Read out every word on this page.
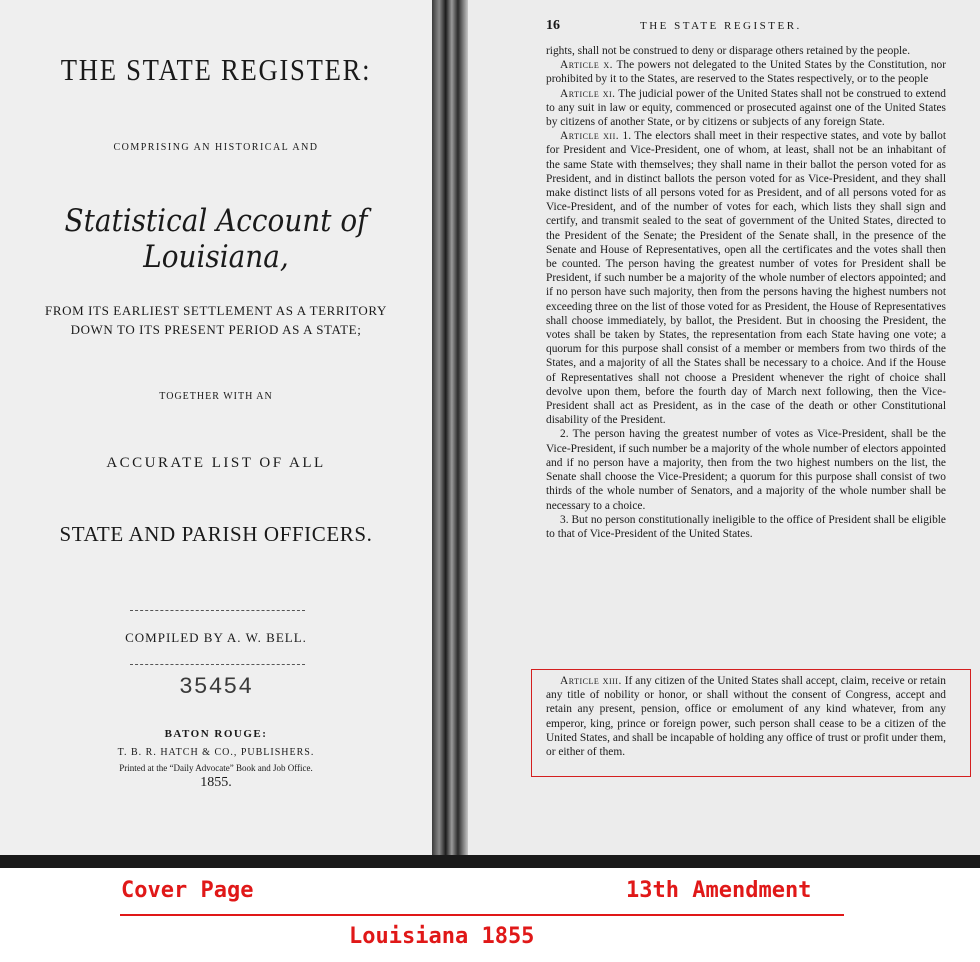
THE STATE REGISTER:
COMPRISING AN HISTORICAL AND
Statistical Account of Louisiana,
FROM ITS EARLIEST SETTLEMENT AS A TERRITORY
DOWN TO ITS PRESENT PERIOD AS A STATE;
TOGETHER WITH AN
ACCURATE LIST OF ALL
STATE AND PARISH OFFICERS.
COMPILED BY A. W. BELL.
35454
BATON ROUGE:
T. B. R. HATCH & CO., PUBLISHERS.
Printed at the “Daily Advocate” Book and Job Office.
1855.
16	THE STATE REGISTER.

rights, shall not be construed to deny or disparage others retained by the people.

Article x. The powers not delegated to the United States by the Constitution, nor prohibited by it to the States, are reserved to the States respectively, or to the people

Article xi. The judicial power of the United States shall not be construed to extend to any suit in law or equity, commenced or prosecuted against one of the United States by citizens of another State, or by citizens or subjects of any foreign State.

Article xii. 1. The electors shall meet in their respective states, and vote by ballot for President and Vice-President, one of whom, at least, shall not be an inhabitant of the same State with themselves; they shall name in their ballot the person voted for as President, and in distinct ballots the person voted for as Vice-President, and they shall make distinct lists of all persons voted for as President, and of all persons voted for as Vice-President, and of the number of votes for each, which lists they shall sign and certify, and transmit sealed to the seat of government of the United States, directed to the President of the Senate; the President of the Senate shall, in the presence of the Senate and House of Representatives, open all the certificates and the votes shall then be counted. The person having the greatest number of votes for President shall be President, if such number be a majority of the whole number of electors appointed; and if no person have such majority, then from the persons having the highest numbers not exceeding three on the list of those voted for as President, the House of Representatives shall choose immediately, by ballot, the President. But in choosing the President, the votes shall be taken by States, the representation from each State having one vote; a quorum for this purpose shall consist of a member or members from two thirds of the States, and a majority of all the States shall be necessary to a choice. And if the House of Representatives shall not choose a President whenever the right of choice shall devolve upon them, before the fourth day of March next following, then the Vice-President shall act as President, as in the case of the death or other Constitutional disability of the President.

2. The person having the greatest number of votes as Vice-President, shall be the Vice-President, if such number be a majority of the whole number of electors appointed and if no person have a majority, then from the two highest numbers on the list, the Senate shall choose the Vice-President; a quorum for this purpose shall consist of two thirds of the whole number of Senators, and a majority of the whole number shall be necessary to a choice.

3. But no person constitutionally ineligible to the office of President shall be eligible to that of Vice-President of the United States.

Article xiii. If any citizen of the United States shall accept, claim, receive or retain any title of nobility or honor, or shall without the consent of Congress, accept and retain any present, pension, office or emolument of any kind whatever, from any emperor, king, prince or foreign power, such person shall cease to be a citizen of the United States, and shall be incapable of holding any office of trust or profit under them, or either of them.
Cover Page	13th Amendment
Louisiana 1855
